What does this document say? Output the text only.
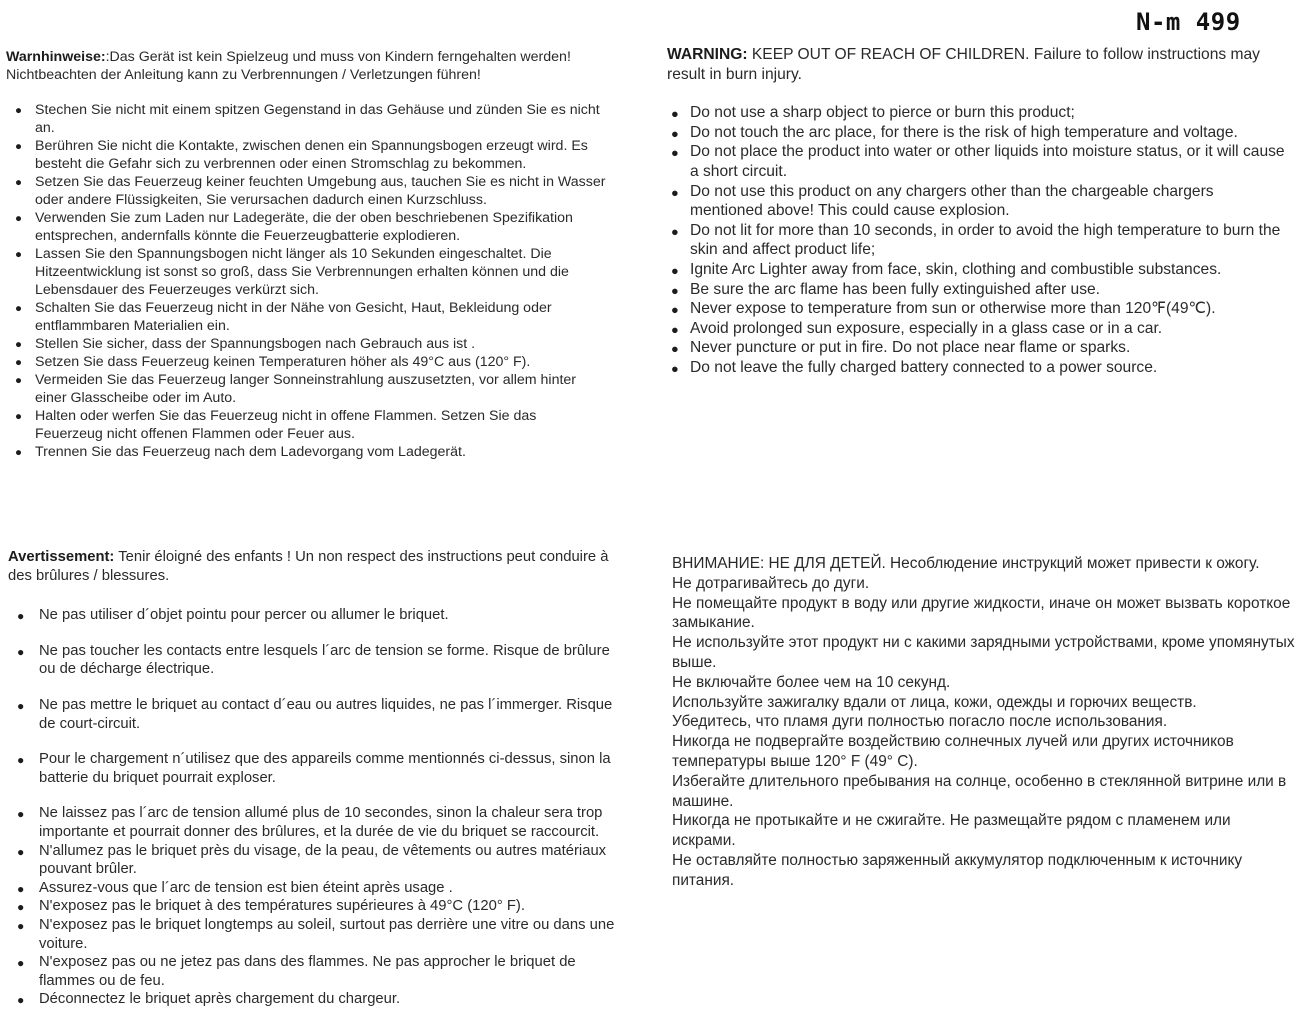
N-m 499

Warnhinweise::Das Gerät ist kein Spielzeug und muss von Kindern ferngehalten werden! Nichtbeachten der Anleitung kann zu Verbrennungen / Verletzungen führen!

● Stechen Sie nicht mit einem spitzen Gegenstand in das Gehäuse und zünden Sie es nicht an.
● Berühren Sie nicht die Kontakte, zwischen denen ein Spannungsbogen erzeugt wird. Es besteht die Gefahr sich zu verbrennen oder einen Stromschlag zu bekommen.
● Setzen Sie das Feuerzeug keiner feuchten Umgebung aus, tauchen Sie es nicht in Wasser oder andere Flüssigkeiten, Sie verursachen dadurch einen Kurzschluss.
● Verwenden Sie zum Laden nur Ladegeräte, die der oben beschriebenen Spezifikation entsprechen, andernfalls könnte die Feuerzeugbatterie explodieren.
● Lassen Sie den Spannungsbogen nicht länger als 10 Sekunden eingeschaltet. Die Hitzeentwicklung ist sonst so groß, dass Sie Verbrennungen erhalten können und die Lebensdauer des Feuerzeuges verkürzt sich.
● Schalten Sie das Feuerzeug nicht in der Nähe von Gesicht, Haut, Bekleidung oder entflammbaren Materialien ein.
● Stellen Sie sicher, dass der Spannungsbogen nach Gebrauch aus ist .
● Setzen Sie dass Feuerzeug keinen Temperaturen höher als 49°C aus (120° F).
● Vermeiden Sie das Feuerzeug langer Sonneinstrahlung auszusetzten, vor allem hinter einer Glasscheibe oder im Auto.
● Halten oder werfen Sie das Feuerzeug nicht in offene Flammen. Setzen Sie das Feuerzeug nicht offenen Flammen oder Feuer aus.
● Trennen Sie das Feuerzeug nach dem Ladevorgang vom Ladegerät.

WARNING: KEEP OUT OF REACH OF CHILDREN. Failure to follow instructions may result in burn injury.

● Do not use a sharp object to pierce or burn this product;
● Do not touch the arc place, for there is the risk of high temperature and voltage.
● Do not place the product into water or other liquids into moisture status, or it will cause a short circuit.
● Do not use this product on any chargers other than the chargeable chargers mentioned above! This could cause explosion.
● Do not lit for more than 10 seconds, in order to avoid the high temperature to burn the skin and affect product life;
● Ignite Arc Lighter away from face, skin, clothing and combustible substances.
● Be sure the arc flame has been fully extinguished after use.
● Never expose to temperature from sun or otherwise more than 120℉(49℃).
● Avoid prolonged sun exposure, especially in a glass case or in a car.
● Never puncture or put in fire. Do not place near flame or sparks.
● Do not leave the fully charged battery connected to a power source.

Avertissement: Tenir éloigné des enfants ! Un non respect des instructions peut conduire à des brûlures / blessures.

● Ne pas utiliser d´objet pointu pour percer ou allumer le briquet.
● Ne pas toucher les contacts entre lesquels l´arc de tension se forme. Risque de brûlure ou de décharge électrique.
● Ne pas mettre le briquet au contact d´eau ou autres liquides, ne pas l´immerger. Risque de court-circuit.
● Pour le chargement n´utilisez que des appareils comme mentionnés ci-dessus, sinon la batterie du briquet pourrait exploser.
● Ne laissez pas l´arc de tension allumé plus de 10 secondes, sinon la chaleur sera trop importante et pourrait donner des brûlures, et la durée de vie du briquet se raccourcit.
● N'allumez pas le briquet près du visage, de la peau, de vêtements ou autres matériaux pouvant brûler.
● Assurez-vous que l´arc de tension est bien éteint après usage .
● N'exposez pas le briquet à des températures supérieures à 49°C (120° F).
● N'exposez pas le briquet longtemps au soleil, surtout pas derrière une vitre ou dans une voiture.
● N'exposez pas ou ne jetez pas dans des flammes. Ne pas approcher le briquet de flammes ou de feu.
● Déconnectez le briquet après chargement du chargeur.

ВНИМАНИЕ: НЕ ДЛЯ ДЕТЕЙ. Несоблюдение инструкций может привести к ожогу.

Не дотрагивайтесь до дуги.

Не помещайте продукт в воду или другие жидкости, иначе он может вызвать короткое замыкание.

Не используйте этот продукт ни с какими зарядными устройствами, кроме упомянутых выше.

Не включайте более чем на 10 секунд.

Используйте зажигалку вдали от лица, кожи, одежды и горючих веществ.

Убедитесь, что пламя дуги полностью погасло после использования.

Никогда не подвергайте воздействию солнечных лучей или других источников температуры выше 120° F (49° C).

Избегайте длительного пребывания на солнце, особенно в стеклянной витрине или в машине.

Никогда не протыкайте и не сжигайте. Не размещайте рядом с пламенем или искрами.

Не оставляйте полностью заряженный аккумулятор подключенным к источнику питания.
